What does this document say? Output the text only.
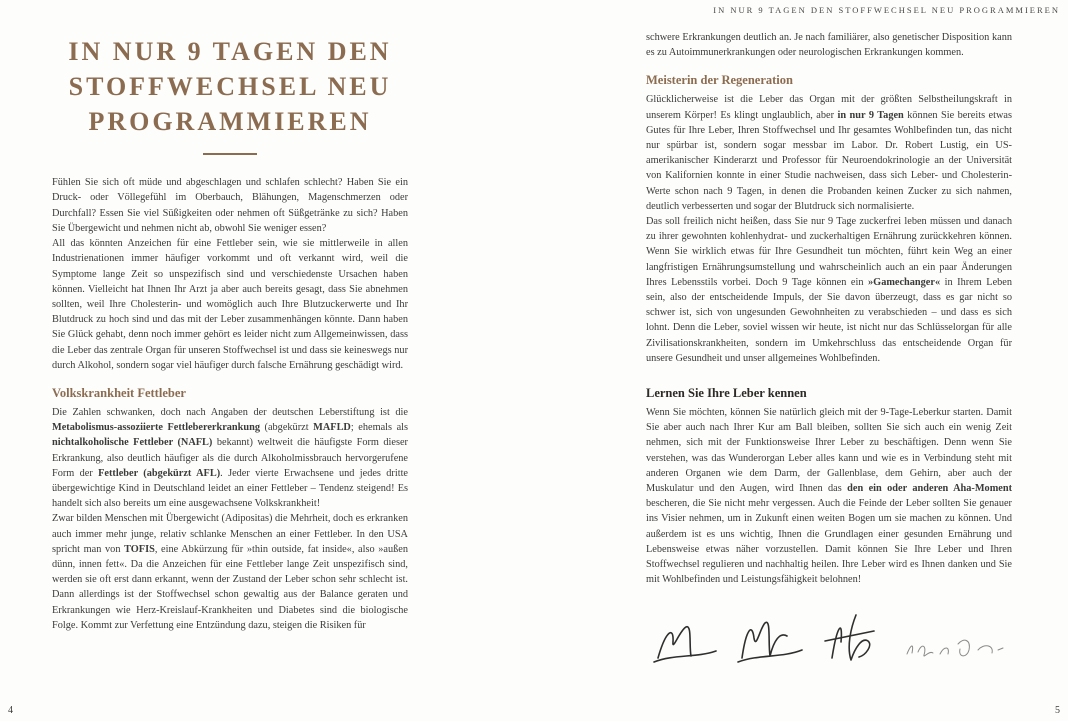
IN NUR 9 TAGEN DEN STOFFWECHSEL NEU PROGRAMMIEREN
IN NUR 9 TAGEN DEN
STOFFWECHSEL NEU
PROGRAMMIEREN

Fühlen Sie sich oft müde und abgeschlagen und schlafen schlecht? Haben Sie ein Druck- oder Völlegefühl im Oberbauch, Blähungen, Magenschmerzen oder Durchfall? Essen Sie viel Süßigkeiten oder nehmen oft Süßgetränke zu sich? Haben Sie Übergewicht und nehmen nicht ab, obwohl Sie weniger essen?

All das könnten Anzeichen für eine Fettleber sein, wie sie mittlerweile in allen Industrienationen immer häufiger vorkommt und oft verkannt wird, weil die Symptome lange Zeit so unspezifisch sind und verschiedenste Ursachen haben können. Vielleicht hat Ihnen Ihr Arzt ja aber auch bereits gesagt, dass Sie abnehmen sollten, weil Ihre Cholesterin- und womöglich auch Ihre Blutzuckerwerte und Ihr Blutdruck zu hoch sind und das mit der Leber zusammenhängen könnte. Dann haben Sie Glück gehabt, denn noch immer gehört es leider nicht zum Allgemeinwissen, dass die Leber das zentrale Organ für unseren Stoffwechsel ist und dass sie keineswegs nur durch Alkohol, sondern sogar viel häufiger durch falsche Ernährung geschädigt wird.

Volkskrankheit Fettleber

Die Zahlen schwanken, doch nach Angaben der deutschen Leberstiftung ist die Metabolismus-assoziierte Fettlebererkrankung (abgekürzt MAFLD; ehemals als nichtalkoholische Fettleber (NAFL) bekannt) weltweit die häufigste Form dieser Erkrankung, also deutlich häufiger als die durch Alkoholmissbrauch hervorgerufene Form der Fettleber (abgekürzt AFL). Jeder vierte Erwachsene und jedes dritte übergewichtige Kind in Deutschland leidet an einer Fettleber – Tendenz steigend! Es handelt sich also bereits um eine ausgewachsene Volkskrankheit!

Zwar bilden Menschen mit Übergewicht (Adipositas) die Mehrheit, doch es erkranken auch immer mehr junge, relativ schlanke Menschen an einer Fettleber. In den USA spricht man von TOFIS, eine Abkürzung für »thin outside, fat inside«, also »außen dünn, innen fett«. Da die Anzeichen für eine Fettleber lange Zeit unspezifisch sind, werden sie oft erst dann erkannt, wenn der Zustand der Leber schon sehr schlecht ist. Dann allerdings ist der Stoffwechsel schon gewaltig aus der Balance geraten und Erkrankungen wie Herz-Kreislauf-Krankheiten und Diabetes sind die biologische Folge. Kommt zur Verfettung eine Entzündung dazu, steigen die Risiken für

schwere Erkrankungen deutlich an. Je nach familiärer, also genetischer Disposition kann es zu Autoimmunerkrankungen oder neurologischen Erkrankungen kommen.

Meisterin der Regeneration

Glücklicherweise ist die Leber das Organ mit der größten Selbstheilungskraft in unserem Körper! Es klingt unglaublich, aber in nur 9 Tagen können Sie bereits etwas Gutes für Ihre Leber, Ihren Stoffwechsel und Ihr gesamtes Wohlbefinden tun, das nicht nur spürbar ist, sondern sogar messbar im Labor. Dr. Robert Lustig, ein US-amerikanischer Kinderarzt und Professor für Neuroendokrinologie an der Universität von Kalifornien konnte in einer Studie nachweisen, dass sich Leber- und Cholesterin-Werte schon nach 9 Tagen, in denen die Probanden keinen Zucker zu sich nahmen, deutlich verbesserten und sogar der Blutdruck sich normalisierte.

Das soll freilich nicht heißen, dass Sie nur 9 Tage zuckerfrei leben müssen und danach zu ihrer gewohnten kohlenhydrat- und zuckerhaltigen Ernährung zurückkehren können. Wenn Sie wirklich etwas für Ihre Gesundheit tun möchten, führt kein Weg an einer langfristigen Ernährungsumstellung und wahrscheinlich auch an ein paar Änderungen Ihres Lebensstils vorbei. Doch 9 Tage können ein »Gamechanger« in Ihrem Leben sein, also der entscheidende Impuls, der Sie davon überzeugt, dass es gar nicht so schwer ist, sich von ungesunden Gewohnheiten zu verabschieden – und dass es sich lohnt. Denn die Leber, soviel wissen wir heute, ist nicht nur das Schlüsselorgan für alle Zivilisationskrankheiten, sondern im Umkehrschluss das entscheidende Organ für unsere Gesundheit und unser allgemeines Wohlbefinden.

Lernen Sie Ihre Leber kennen

Wenn Sie möchten, können Sie natürlich gleich mit der 9-Tage-Leberkur starten. Damit Sie aber auch nach Ihrer Kur am Ball bleiben, sollten Sie sich auch ein wenig Zeit nehmen, sich mit der Funktionsweise Ihrer Leber zu beschäftigen. Denn wenn Sie verstehen, was das Wunderorgan Leber alles kann und wie es in Verbindung steht mit anderen Organen wie dem Darm, der Gallenblase, dem Gehirn, aber auch der Muskulatur und den Augen, wird Ihnen das den ein oder anderen Aha-Moment bescheren, die Sie nicht mehr vergessen. Auch die Feinde der Leber sollten Sie genauer ins Visier nehmen, um in Zukunft einen weiten Bogen um sie machen zu können. Und außerdem ist es uns wichtig, Ihnen die Grundlagen einer gesunden Ernährung und Lebensweise etwas näher vorzustellen. Damit können Sie Ihre Leber und Ihren Stoffwechsel regulieren und nachhaltig heilen. Ihre Leber wird es Ihnen danken und Sie mit Wohlbefinden und Leistungsfähigkeit belohnen!

4	5
